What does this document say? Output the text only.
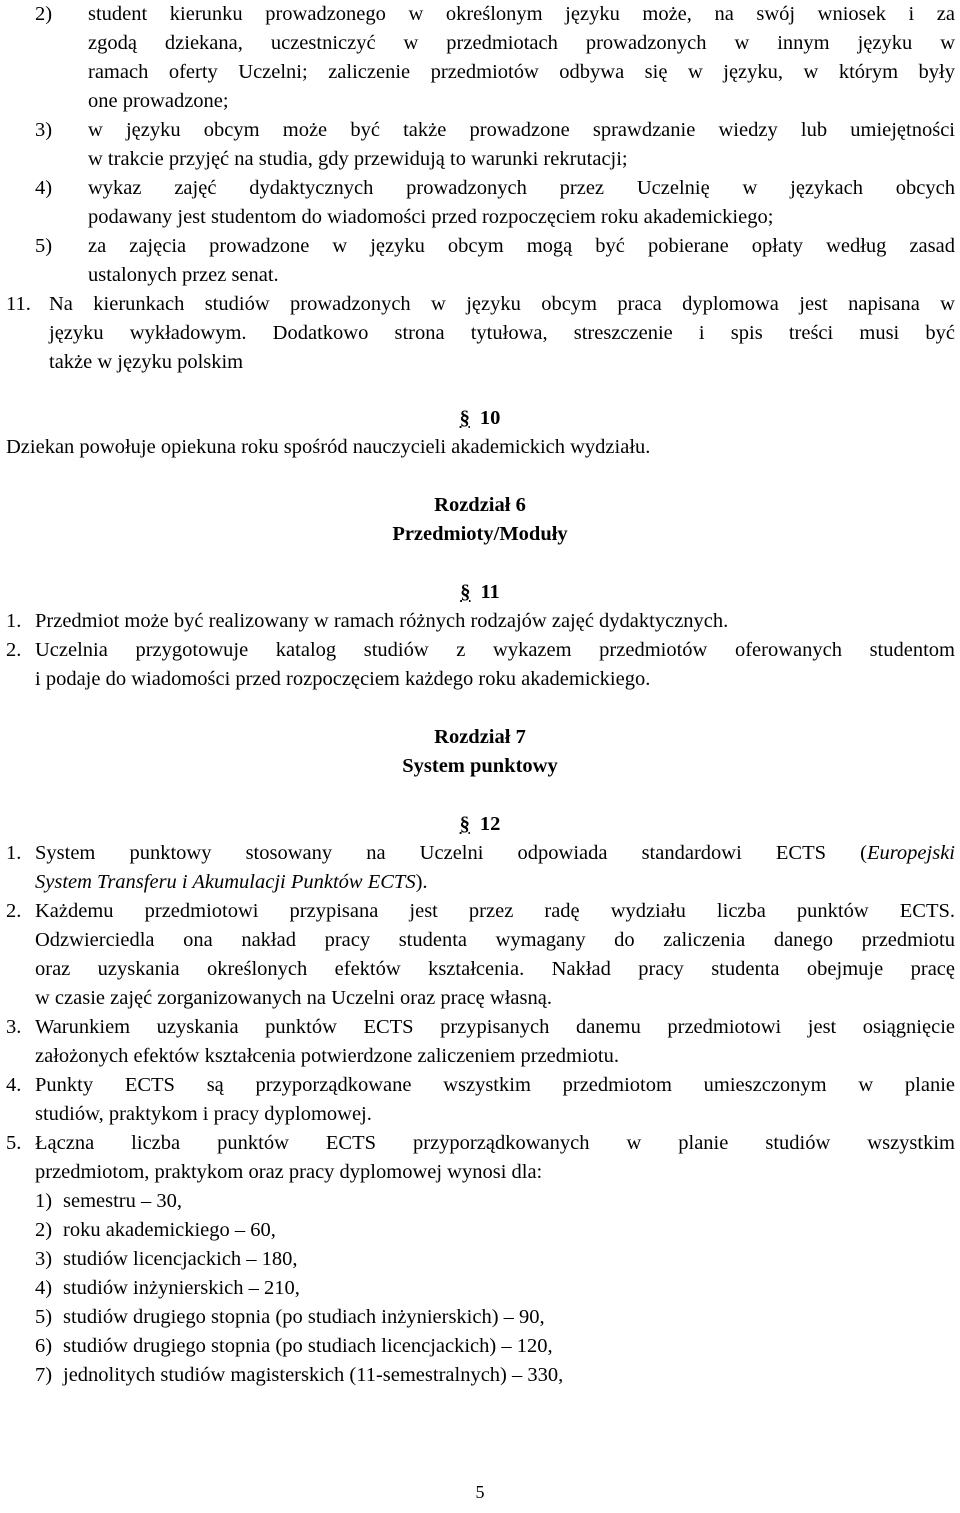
2) student kierunku prowadzonego w określonym języku może, na swój wniosek i za
zgodą dziekana, uczestniczyć w przedmiotach prowadzonych w innym języku w
ramach oferty Uczelni; zaliczenie przedmiotów odbywa się w języku, w którym były
one prowadzone;
3) w języku obcym może być także prowadzone sprawdzanie wiedzy lub umiejętności
w trakcie przyjęć na studia, gdy przewidują to warunki rekrutacji;
4) wykaz zajęć dydaktycznych prowadzonych przez Uczelnię w językach obcych
podawany jest studentom do wiadomości przed rozpoczęciem roku akademickiego;
5) za zajęcia prowadzone w języku obcym mogą być pobierane opłaty według zasad
ustalonych przez senat.
11. Na kierunkach studiów prowadzonych w języku obcym praca dyplomowa jest napisana w
języku wykładowym. Dodatkowo strona tytułowa, streszczenie i spis treści musi być
także w języku polskim
§ 10
Dziekan powołuje opiekuna roku spośród nauczycieli akademickich wydziału.
Rozdział 6
Przedmioty/Moduły
§ 11
1. Przedmiot może być realizowany w ramach różnych rodzajów zajęć dydaktycznych.
2. Uczelnia przygotowuje katalog studiów z wykazem przedmiotów oferowanych studentom
i podaje do wiadomości przed rozpoczęciem każdego roku akademickiego.
Rozdział 7
System punktowy
§ 12
1. System punktowy stosowany na Uczelni odpowiada standardowi ECTS (Europejski
System Transferu i Akumulacji Punktów ECTS).
2. Każdemu przedmiotowi przypisana jest przez radę wydziału liczba punktów ECTS.
Odzwierciedla ona nakład pracy studenta wymagany do zaliczenia danego przedmiotu
oraz uzyskania określonych efektów kształcenia. Nakład pracy studenta obejmuje pracę
w czasie zajęć zorganizowanych na Uczelni oraz pracę własną.
3. Warunkiem uzyskania punktów ECTS przypisanych danemu przedmiotowi jest osiągnięcie
założonych efektów kształcenia potwierdzone zaliczeniem przedmiotu.
4. Punkty ECTS są przyporządkowane wszystkim przedmiotom umieszczonym w planie
studiów, praktykom i pracy dyplomowej.
5. Łączna liczba punktów ECTS przyporządkowanych w planie studiów wszystkim
przedmiotom, praktykom oraz pracy dyplomowej wynosi dla:
1) semestru – 30,
2) roku akademickiego – 60,
3) studiów licencjackich – 180,
4) studiów inżynierskich – 210,
5) studiów drugiego stopnia (po studiach inżynierskich) – 90,
6) studiów drugiego stopnia (po studiach licencjackich) – 120,
7) jednolitych studiów magisterskich (11-semestralnych) – 330,
5
